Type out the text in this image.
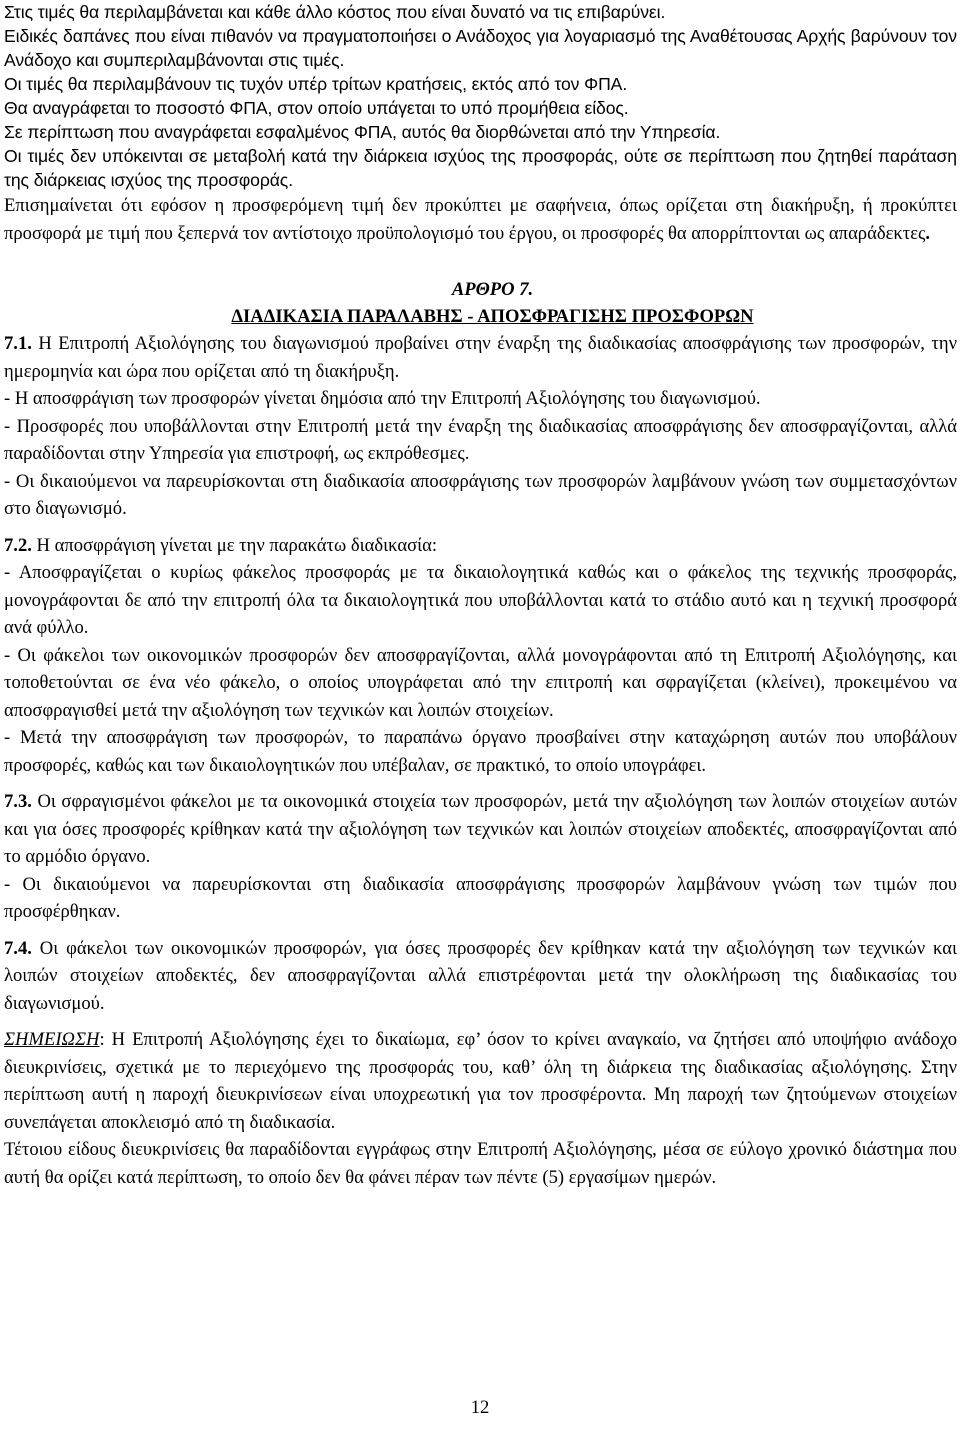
Στις τιμές θα περιλαμβάνεται και κάθε άλλο κόστος που είναι δυνατό να τις επιβαρύνει.

Ειδικές δαπάνες που είναι πιθανόν να πραγματοποιήσει ο Ανάδοχος για λογαριασμό της Αναθέτουσας Αρχής βαρύνουν τον Ανάδοχο και συμπεριλαμβάνονται στις τιμές.

Οι τιμές θα περιλαμβάνουν τις τυχόν υπέρ τρίτων κρατήσεις, εκτός από τον ΦΠΑ.

Θα αναγράφεται το ποσοστό ΦΠΑ, στον οποίο υπάγεται το υπό προμήθεια είδος.

Σε περίπτωση που αναγράφεται εσφαλμένος ΦΠΑ, αυτός θα διορθώνεται από την Υπηρεσία.

Οι τιμές δεν υπόκεινται σε μεταβολή κατά την διάρκεια ισχύος της προσφοράς, ούτε σε περίπτωση που ζητηθεί παράταση της διάρκειας ισχύος της προσφοράς.

Επισημαίνεται ότι εφόσον η προσφερόμενη τιμή δεν προκύπτει με σαφήνεια, όπως ορίζεται στη διακήρυξη, ή προκύπτει προσφορά με τιμή που ξεπερνά τον αντίστοιχο προϋπολογισμό του έργου, οι προσφορές θα απορρίπτονται ως απαράδεκτες.

ΑΡΘΡΟ 7.

ΔΙΑΔΙΚΑΣΙΑ ΠΑΡΑΛΑΒΗΣ - ΑΠΟΣΦΡΑΓΙΣΗΣ ΠΡΟΣΦΟΡΩΝ

7.1. Η Επιτροπή Αξιολόγησης του διαγωνισμού προβαίνει στην έναρξη της διαδικασίας αποσφράγισης των προσφορών, την ημερομηνία και ώρα που ορίζεται από τη διακήρυξη.

- Η αποσφράγιση των προσφορών γίνεται δημόσια από την Επιτροπή Αξιολόγησης του διαγωνισμού.

- Προσφορές που υποβάλλονται στην Επιτροπή μετά την έναρξη της διαδικασίας αποσφράγισης δεν αποσφραγίζονται, αλλά παραδίδονται στην Υπηρεσία για επιστροφή, ως εκπρόθεσμες.

- Οι δικαιούμενοι να παρευρίσκονται στη διαδικασία αποσφράγισης των προσφορών λαμβάνουν γνώση των συμμετασχόντων στο διαγωνισμό.

7.2. Η αποσφράγιση γίνεται με την παρακάτω διαδικασία:

- Αποσφραγίζεται ο κυρίως φάκελος προσφοράς με τα δικαιολογητικά καθώς και ο φάκελος της τεχνικής προσφοράς, μονογράφονται δε από την επιτροπή όλα τα δικαιολογητικά που υποβάλλονται κατά το στάδιο αυτό και η τεχνική προσφορά ανά φύλλο.

- Οι φάκελοι των οικονομικών προσφορών δεν αποσφραγίζονται, αλλά μονογράφονται από τη Επιτροπή Αξιολόγησης, και τοποθετούνται σε ένα νέο φάκελο, ο οποίος υπογράφεται από την επιτροπή και σφραγίζεται (κλείνει), προκειμένου να αποσφραγισθεί μετά την αξιολόγηση των τεχνικών και λοιπών στοιχείων.

- Μετά την αποσφράγιση των προσφορών, το παραπάνω όργανο προσβαίνει στην καταχώρηση αυτών που υποβάλουν προσφορές, καθώς και των δικαιολογητικών που υπέβαλαν, σε πρακτικό, το οποίο υπογράφει.

7.3. Οι σφραγισμένοι φάκελοι με τα οικονομικά στοιχεία των προσφορών, μετά την αξιολόγηση των λοιπών στοιχείων αυτών και για όσες προσφορές κρίθηκαν κατά την αξιολόγηση των τεχνικών και λοιπών στοιχείων αποδεκτές, αποσφραγίζονται από το αρμόδιο όργανο.

- Οι δικαιούμενοι να παρευρίσκονται στη διαδικασία αποσφράγισης προσφορών λαμβάνουν γνώση των τιμών που προσφέρθηκαν.

7.4. Οι φάκελοι των οικονομικών προσφορών, για όσες προσφορές δεν κρίθηκαν κατά την αξιολόγηση των τεχνικών και λοιπών στοιχείων αποδεκτές, δεν αποσφραγίζονται αλλά επιστρέφονται μετά την ολοκλήρωση της διαδικασίας του διαγωνισμού.

ΣΗΜΕΙΩΣΗ: Η Επιτροπή Αξιολόγησης έχει το δικαίωμα, εφ’ όσον το κρίνει αναγκαίο, να ζητήσει από υποψήφιο ανάδοχο διευκρινίσεις, σχετικά με το περιεχόμενο της προσφοράς του, καθ’ όλη τη διάρκεια της διαδικασίας αξιολόγησης. Στην περίπτωση αυτή η παροχή διευκρινίσεων είναι υποχρεωτική για τον προσφέροντα. Μη παροχή των ζητούμενων στοιχείων συνεπάγεται αποκλεισμό από τη διαδικασία.

Τέτοιου είδους διευκρινίσεις θα παραδίδονται εγγράφως στην Επιτροπή Αξιολόγησης, μέσα σε εύλογο χρονικό διάστημα που αυτή θα ορίζει κατά περίπτωση, το οποίο δεν θα φάνει πέραν των πέντε (5) εργασίμων ημερών.

12
